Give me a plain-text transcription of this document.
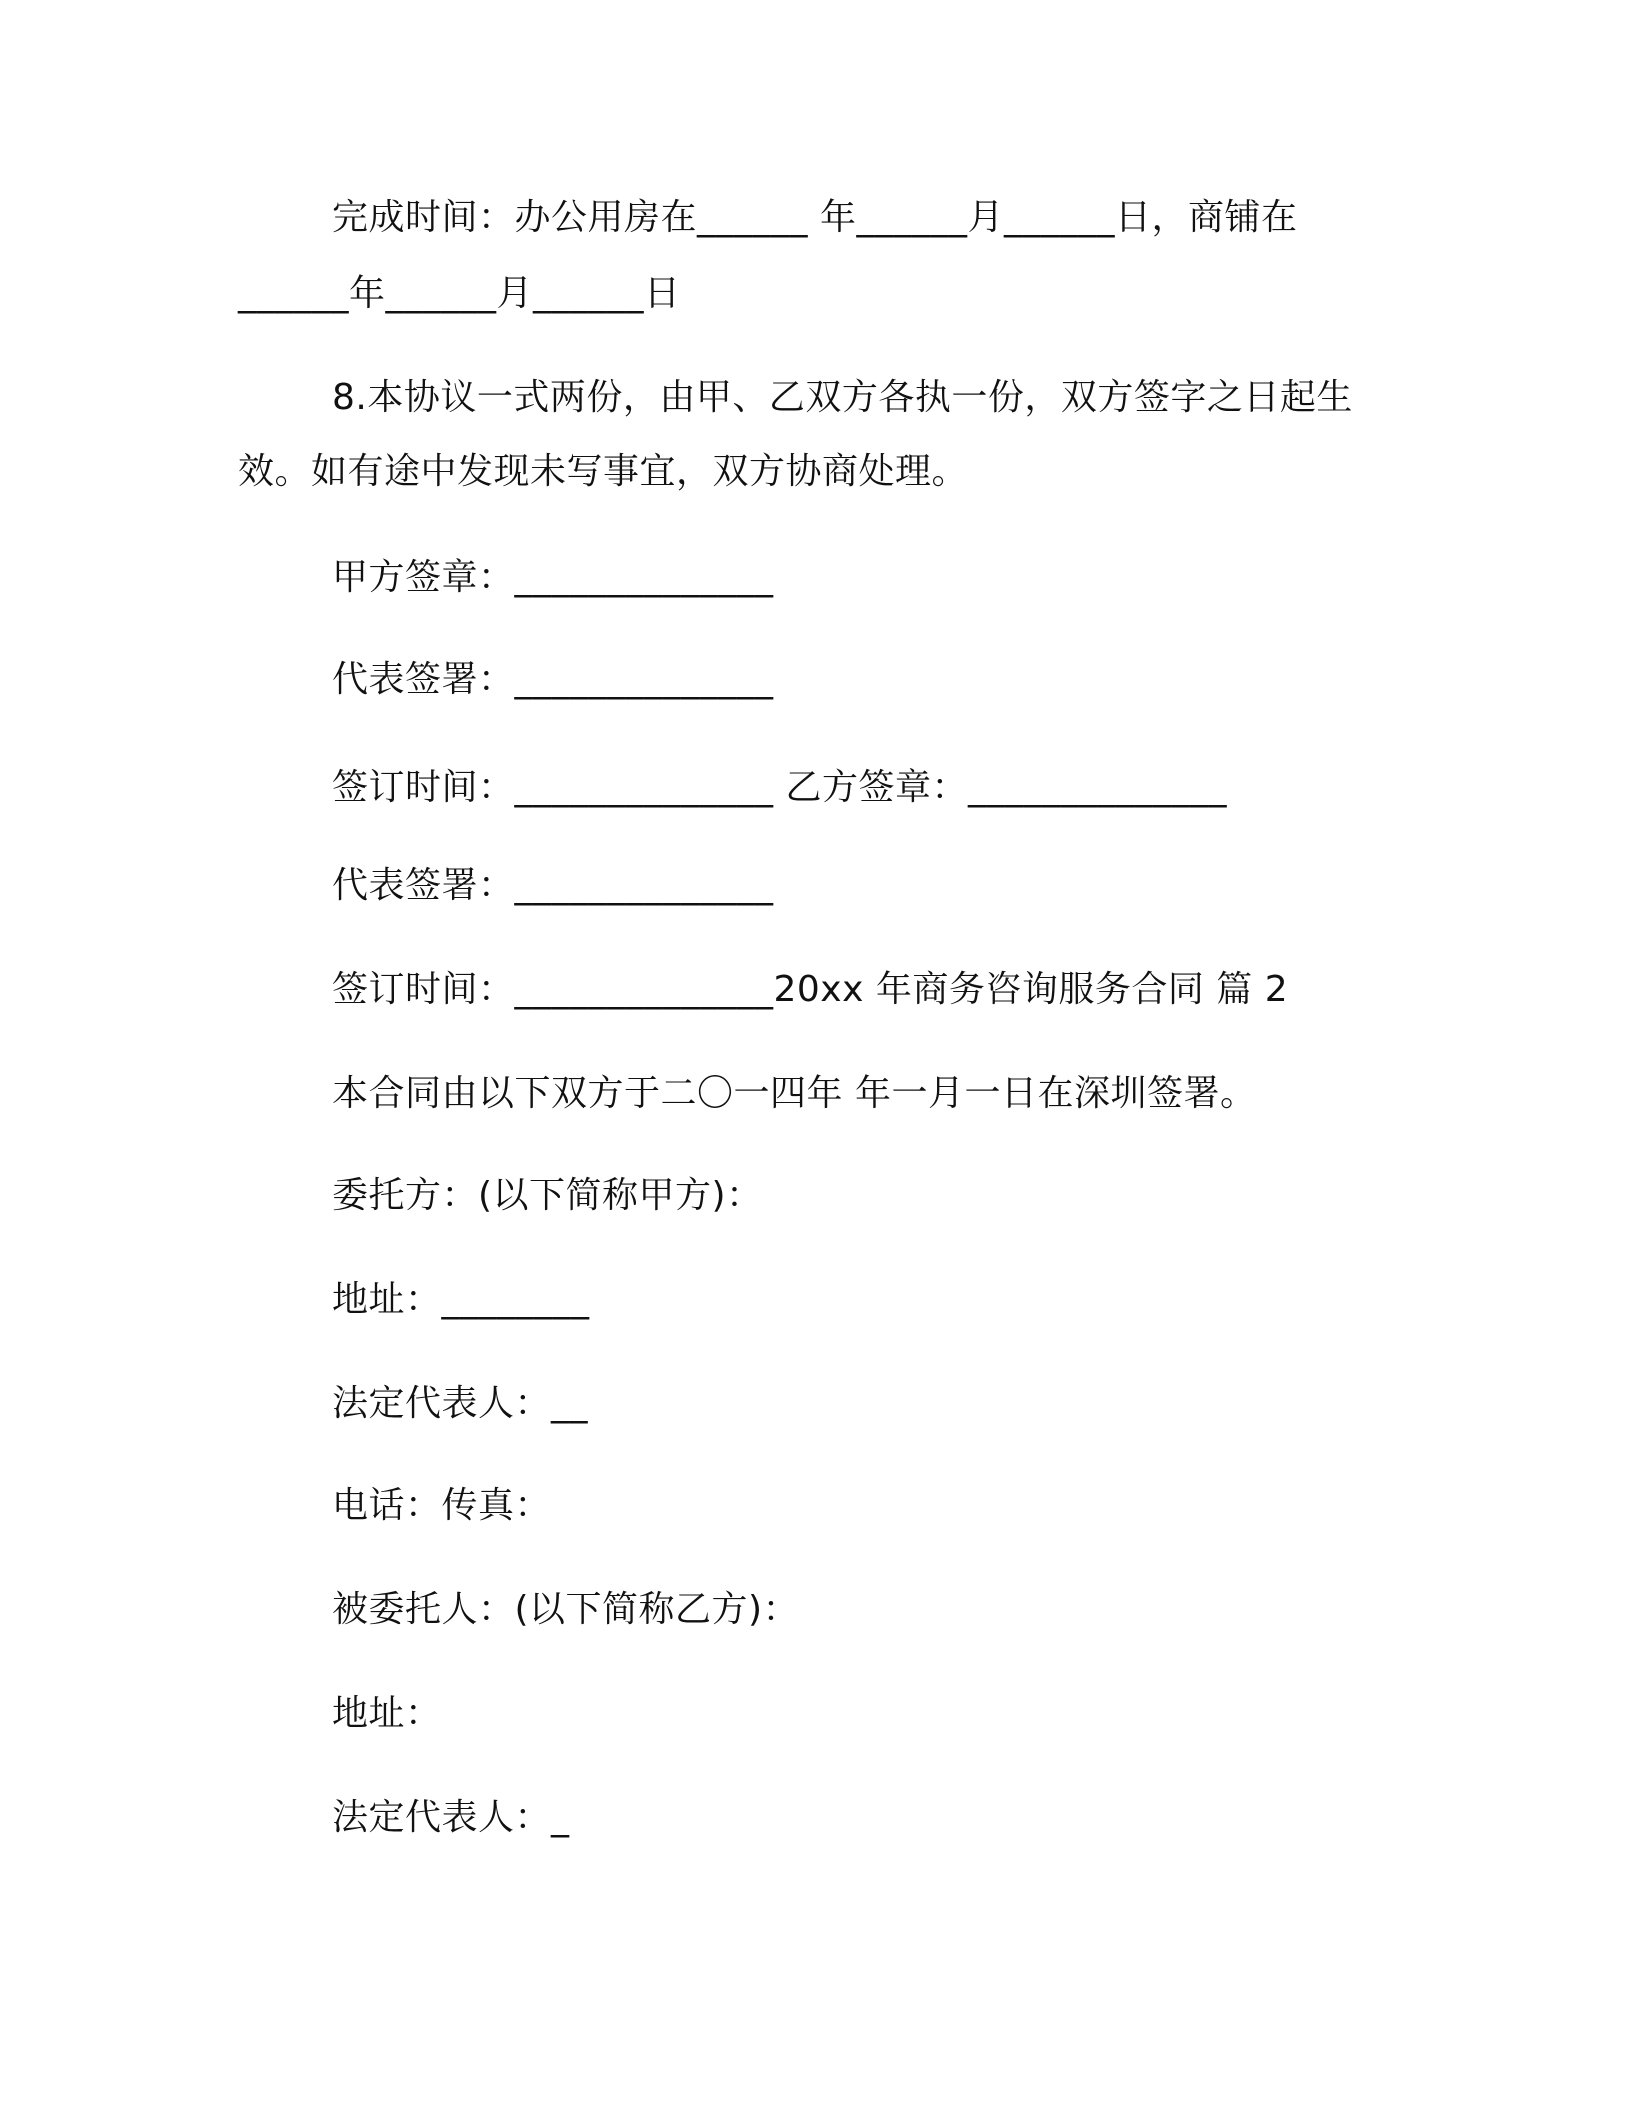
完成时间：办公用房在______ 年______月______日，商铺在
______年______月______日
8.本协议一式两份，由甲、乙双方各执一份，双方签字之日起生
效。如有途中发现未写事宜，双方协商处理。
甲方签章：______________
代表签署：______________
签订时间：______________ 乙方签章：______________
代表签署：______________
签订时间：______________20xx 年商务咨询服务合同 篇 2
本合同由以下双方于二〇一四年 年一月一日在深圳签署。
委托方：(以下简称甲方)：
地址：________
法定代表人：__
电话：传真：
被委托人：(以下简称乙方)：
地址：
法定代表人：_
